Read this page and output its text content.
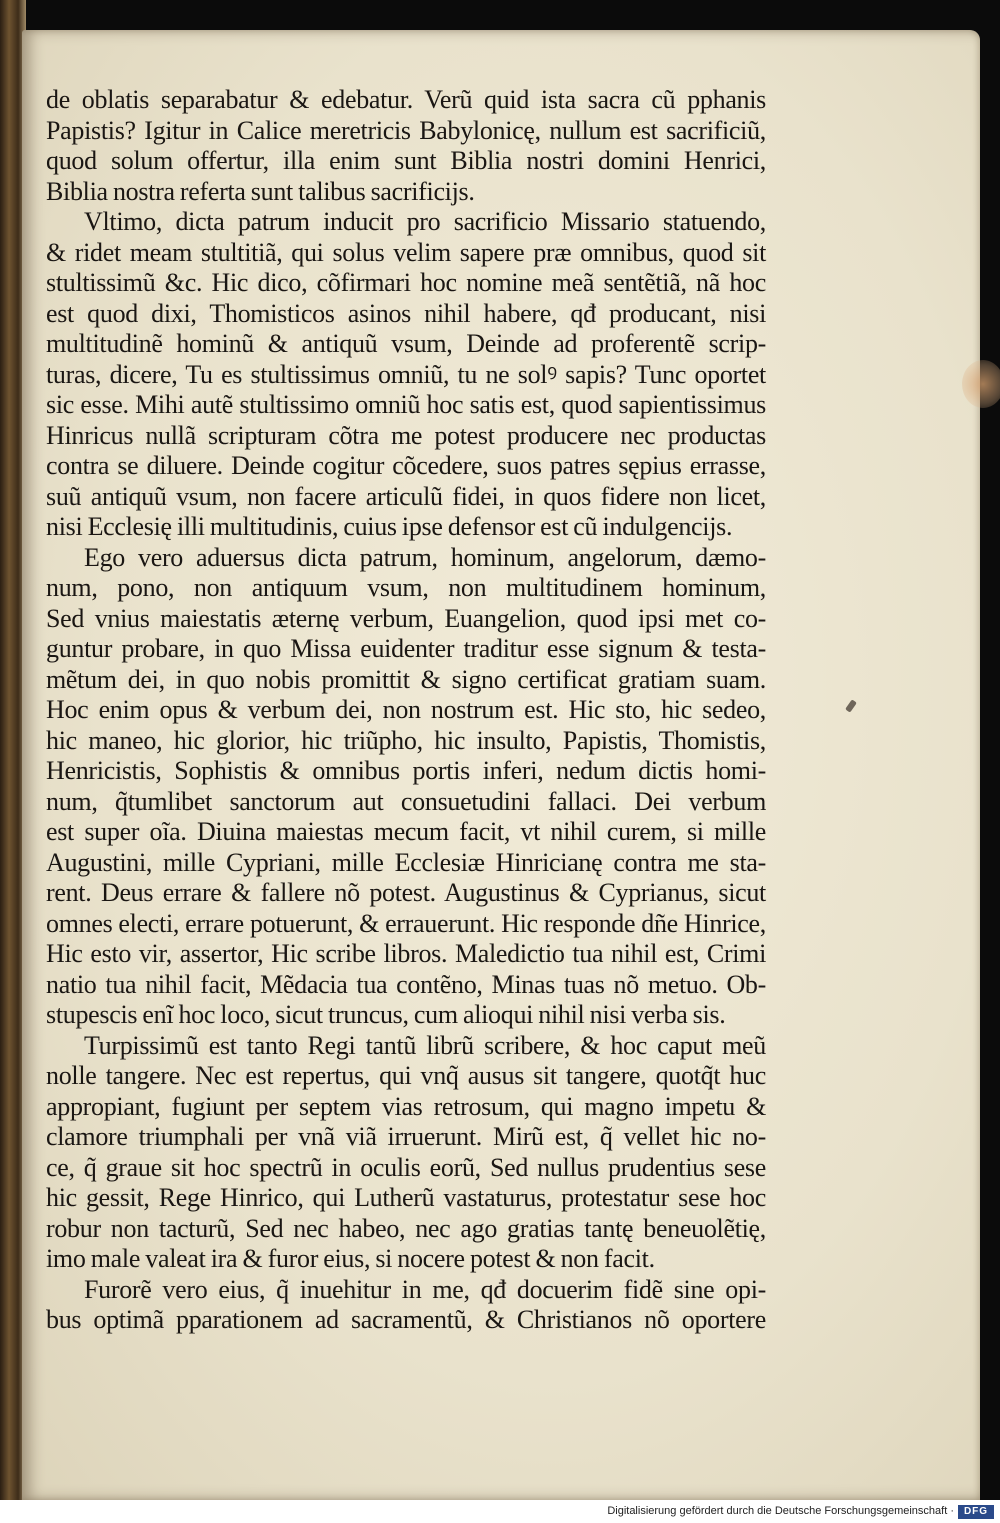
de oblatis separabatur & edebatur. Verũ quid ista sacra cũ pphanis
Papistis? Igitur in Calice meretricis Babylonicę, nullum est sacrificiũ,
quod solum offertur, illa enim sunt Biblia nostri domini Henrici,
Biblia nostra referta sunt talibus sacrificijs.
Vltimo, dicta patrum inducit pro sacrificio Missario statuendo,
& ridet meam stultitiã, qui solus velim sapere præ omnibus, quod sit
stultissimũ &c. Hic dico, cõfirmari hoc nomine meã sentẽtiã, nã hoc
est quod dixi, Thomisticos asinos nihil habere, qđ producant, nisi
multitudinẽ hominũ & antiquũ vsum, Deinde ad proferentẽ scrip-
turas, dicere, Tu es stultissimus omniũ, tu ne solꝰ sapis? Tunc oportet
sic esse. Mihi autẽ stultissimo omniũ hoc satis est, quod sapientissimus
Hinricus nullã scripturam cõtra me potest producere nec productas
contra se diluere. Deinde cogitur cõcedere, suos patres sępius errasse,
suũ antiquũ vsum, non facere articulũ fidei, in quos fidere non licet,
nisi Ecclesię illi multitudinis, cuius ipse defensor est cũ indulgencijs.
Ego vero aduersus dicta patrum, hominum, angelorum, dæmo-
num, pono, non antiquum vsum, non multitudinem hominum,
Sed vnius maiestatis æternę verbum, Euangelion, quod ipsi met co-
guntur probare, in quo Missa euidenter traditur esse signum & testa-
mẽtum dei, in quo nobis promittit & signo certificat gratiam suam.
Hoc enim opus & verbum dei, non nostrum est. Hic sto, hic sedeo,
hic maneo, hic glorior, hic triũpho, hic insulto, Papistis, Thomistis,
Henricistis, Sophistis & omnibus portis inferi, nedum dictis homi-
num, q̃tumlibet sanctorum aut consuetudini fallaci. Dei verbum
est super oĩa. Diuina maiestas mecum facit, vt nihil curem, si mille
Augustini, mille Cypriani, mille Ecclesiæ Hinricianę contra me sta-
rent. Deus errare & fallere nõ potest. Augustinus & Cyprianus, sicut
omnes electi, errare potuerunt, & errauerunt. Hic responde dñe Hinrice,
Hic esto vir, assertor, Hic scribe libros. Maledictio tua nihil est, Crimi
natio tua nihil facit, Mẽdacia tua contẽno, Minas tuas nõ metuo. Ob-
stupescis enĩ hoc loco, sicut truncus, cum alioqui nihil nisi verba sis.
Turpissimũ est tanto Regi tantũ librũ scribere, & hoc caput meũ
nolle tangere. Nec est repertus, qui vnq̃ ausus sit tangere, quotq̃t huc
appropiant, fugiunt per septem vias retrosum, qui magno impetu &
clamore triumphali per vnã viã irruerunt. Mirũ est, q̃ vellet hic no-
ce, q̃ graue sit hoc spectrũ in oculis eorũ, Sed nullus prudentius sese
hic gessit, Rege Hinrico, qui Lutherũ vastaturus, protestatur sese hoc
robur non tacturũ, Sed nec habeo, nec ago gratias tantę beneuolẽtię,
imo male valeat ira & furor eius, si nocere potest & non facit.
Furorẽ vero eius, q̃ inuehitur in me, qđ docuerim fidẽ sine opi-
bus optimã pparationem ad sacramentũ, & Christianos nõ oportere
Digitalisierung gefördert durch die Deutsche Forschungsgemeinschaft · DFG
